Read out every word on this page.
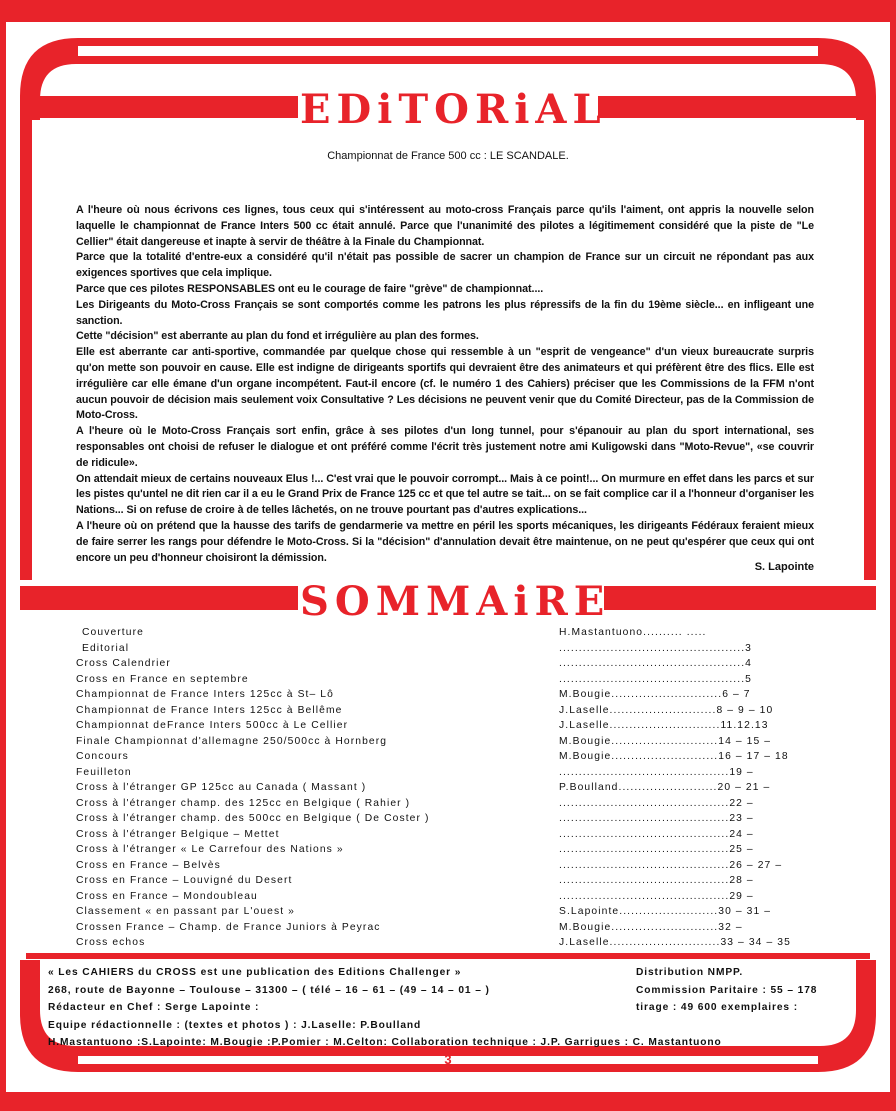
EDiTORiAL
Championnat de France 500 cc : LE SCANDALE.

A l'heure où nous écrivons ces lignes, tous ceux qui s'intéressent au moto-cross Français parce qu'ils l'aiment, ont appris la nouvelle selon laquelle le championnat de France Inters 500 cc était annulé. Parce que l'unanimité des pilotes a légitimement considéré que la piste de "Le Cellier" était dangereuse et inapte à servir de théâtre à la Finale du Championnat.

Parce que la totalité d'entre-eux a considéré qu'il n'était pas possible de sacrer un champion de France sur un circuit ne répondant pas aux exigences sportives que cela implique.

Parce que ces pilotes RESPONSABLES ont eu le courage de faire "grève" de championnat....

Les Dirigeants du Moto-Cross Français se sont comportés comme les patrons les plus répressifs de la fin du 19ème siècle... en infligeant une sanction.

Cette "décision" est aberrante au plan du fond et irrégulière au plan des formes.

Elle est aberrante car anti-sportive, commandée par quelque chose qui ressemble à un "esprit de vengeance" d'un vieux bureaucrate surpris qu'on mette son pouvoir en cause. Elle est indigne de dirigeants sportifs qui devraient être des animateurs et qui préfèrent être des flics. Elle est irrégulière car elle émane d'un organe incompétent. Faut-il encore (cf. le numéro 1 des Cahiers) préciser que les Commissions de la FFM n'ont aucun pouvoir de décision mais seulement voix Consultative ? Les décisions ne peuvent venir que du Comité Directeur, pas de la Commission de Moto-Cross.

A l'heure où le Moto-Cross Français sort enfin, grâce à ses pilotes d'un long tunnel, pour s'épanouir au plan du sport international, ses responsables ont choisi de refuser le dialogue et ont préféré comme l'écrit très justement notre ami Kuligowski dans "Moto-Revue", «se couvrir de ridicule».

On attendait mieux de certains nouveaux Elus !... C'est vrai que le pouvoir corrompt... Mais à ce point!... On murmure en effet dans les parcs et sur les pistes qu'untel ne dit rien car il a eu le Grand Prix de France 125 cc et que tel autre se tait... on se fait complice car il a l'honneur d'organiser les Nations... Si on refuse de croire à de telles lâchetés, on ne trouve pourtant pas d'autres explications...

A l'heure où on prétend que la hausse des tarifs de gendarmerie va mettre en péril les sports mécaniques, les dirigeants Fédéraux feraient mieux de faire serrer les rangs pour défendre le Moto-Cross. Si la "décision" d'annulation devait être maintenue, on ne peut qu'espérer que ceux qui ont encore un peu d'honneur choisiront la démission.

S. Lapointe
SOMMAiRE
Couverture	H.Mastantuono.......... .....
Editorial	...............................................3
Cross Calendrier	...............................................4
Cross en France en septembre	...............................................5
Championnat de France Inters 125cc à St– Lô	M.Bougie............................6 – 7
Championnat de France Inters 125cc à Bellême	J.Laselle...........................8 – 9 – 10
Championnat deFrance Inters 500cc à Le Cellier	J.Laselle............................11.12.13
Finale Championnat d'allemagne 250/500cc à Hornberg	M.Bougie...........................14 – 15 –
Concours	M.Bougie...........................16 – 17 – 18
Feuilleton	...........................................19 –
Cross à l'étranger GP 125cc au Canada ( Massant )	P.Boulland.........................20 – 21 –
Cross à l'étranger champ. des 125cc en Belgique ( Rahier )	...........................................22 –
Cross à l'étranger champ. des 500cc en Belgique ( De Coster )	...........................................23 –
Cross à l'étranger Belgique – Mettet	...........................................24 –
Cross à l'étranger « Le Carrefour des Nations »	...........................................25 –
Cross en France – Belvès	...........................................26 – 27 –
Cross en France – Louvigné du Desert	...........................................28 –
Cross en France – Mondoubleau	...........................................29 –
Classement « en passant par L'ouest »	S.Lapointe.........................30 – 31 –
Crossen France – Champ. de France Juniors à Peyrac	M.Bougie...........................32 –
Cross echos	J.Laselle............................33 – 34 – 35
« Les CAHIERS du CROSS est une publication des Editions Challenger »	Distribution NMPP.
268, route de Bayonne – Toulouse – 31300 – ( télé – 16 – 61 – (49 – 14 – 01 – )	Commission Paritaire : 55 – 178
Rédacteur en Chef : Serge Lapointe :	tirage : 49 600 exemplaires :
Equipe rédactionnelle : (textes et photos ) : J.Laselle: P.Boulland
H.Mastantuono :S.Lapointe: M.Bougie :P.Pomier : M.Celton: Collaboration technique : J.P. Garrigues : C. Mastantuono
3
